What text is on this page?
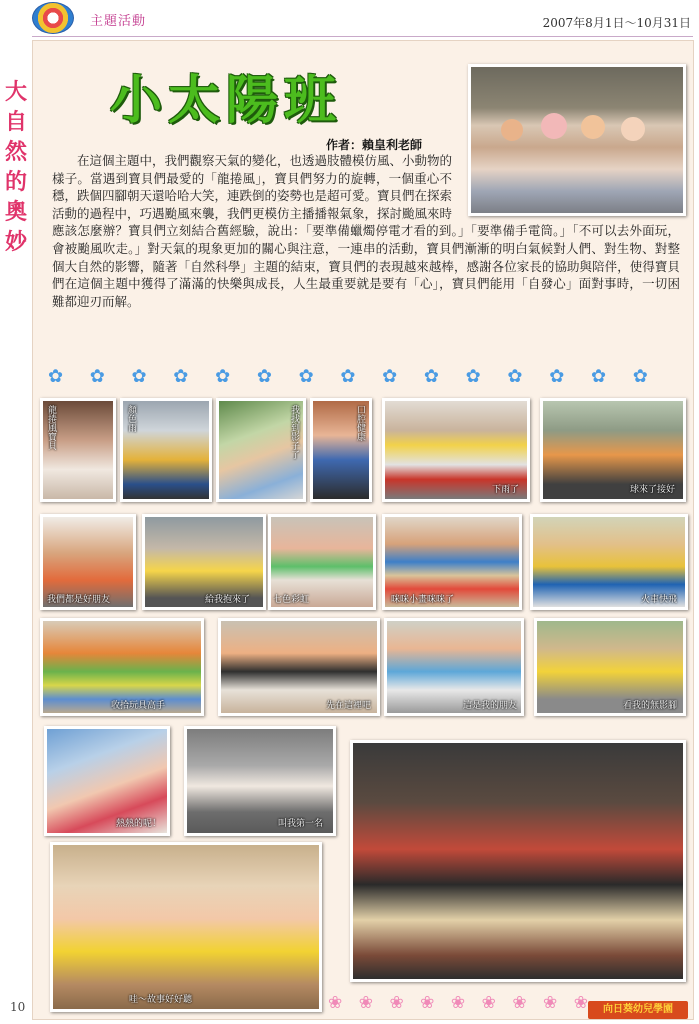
主題活動	2007年8月1日～10月31日
大
自
然
的
奧
妙
小太陽班
作者：賴皇利老師

在這個主題中，我們觀察天氣的變化，也透過肢體模仿風、小動物的樣子。當遇到寶貝們最愛的「龍捲風」，寶貝們努力的旋轉，一個重心不穩，跌個四腳朝天還哈哈大笑，連跌倒的姿勢也是超可愛。寶貝們在探索活動的過程中，巧遇颱風來襲，我們更模仿主播播報氣象，探討颱風來時應該怎麼辦？寶貝們立刻結合舊經驗，說出：「要準備蠟燭停電才看的到。」「要準備手電筒。」「不可以去外面玩，會被颱風吹走。」對天氣的現象更加的關心與注意，一連串的活動，寶貝們漸漸的明白氣候對人們、對生物、對整個大自然的影響，隨著「自然科學」主題的結束，寶貝們的表現越來越棒，感謝各位家長的協助與陪伴，使得寶貝們在這個主題中獲得了滿滿的快樂與成長，人生最重要就是要有「心」，寶貝們能用「自發心」面對事時，一切困難都迎刃而解。

✿ ✿ ✿ ✿ ✿ ✿ ✿ ✿ ✿ ✿ ✿ ✿ ✿ ✿ ✿
龍捲風寶貝	顏色雨	我找到影子了	口腔健康
下雨了	球來了接好
我們都是好朋友	給我抱來了	七色彩虹	咪咪小畫咪咪了	火車快飛
收拾玩具高手	先在這裡吧	這是我的朋友	看我的無影腳
熱熱的呢！	叫我第一名
哇～故事好好聽	❀ ❀ ❀ ❀ ❀ ❀ ❀ ❀ ❀
10	向日葵幼兒學園
